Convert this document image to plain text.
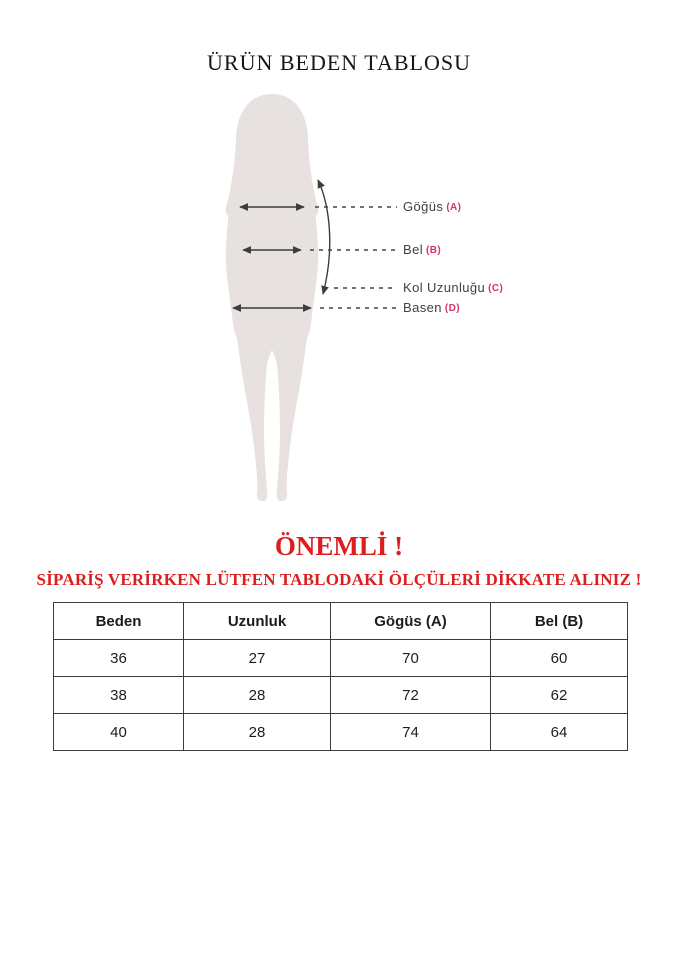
ÜRÜN BEDEN TABLOSU
Göğüs (A)
Bel (B)
Kol Uzunluğu (C)
Basen (D)
ÖNEMLİ !
SİPARİŞ VERİRKEN LÜTFEN TABLODAKİ ÖLÇÜLERİ DİKKATE ALINIZ !
Beden	Uzunluk	Gögüs (A)	Bel (B)
36	27	70	60
38	28	72	62
40	28	74	64
